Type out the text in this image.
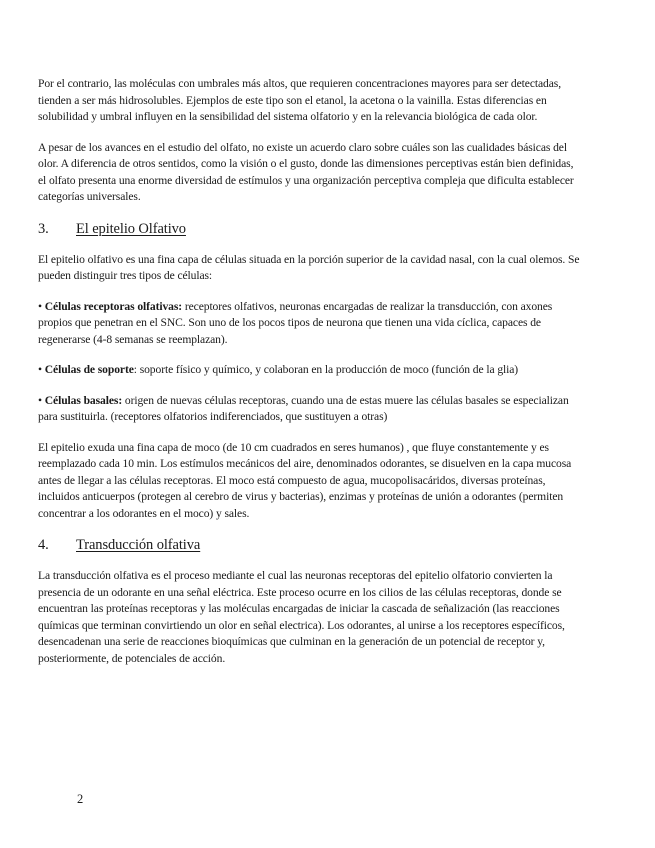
Por el contrario, las moléculas con umbrales más altos, que requieren concentraciones mayores para ser detectadas, tienden a ser más hidrosolubles. Ejemplos de este tipo son el etanol, la acetona o la vainilla. Estas diferencias en solubilidad y umbral influyen en la sensibilidad del sistema olfatorio y en la relevancia biológica de cada olor.

A pesar de los avances en el estudio del olfato, no existe un acuerdo claro sobre cuáles son las cualidades básicas del olor. A diferencia de otros sentidos, como la visión o el gusto, donde las dimensiones perceptivas están bien definidas, el olfato presenta una enorme diversidad de estímulos y una organización perceptiva compleja que dificulta establecer categorías universales.

3. El epitelio Olfativo

El epitelio olfativo es una fina capa de células situada en la porción superior de la cavidad nasal, con la cual olemos. Se pueden distinguir tres tipos de células:

• Células receptoras olfativas: receptores olfativos, neuronas encargadas de realizar la transducción, con axones propios que penetran en el SNC. Son uno de los pocos tipos de neurona que tienen una vida cíclica, capaces de regenerarse (4-8 semanas se reemplazan).

• Células de soporte: soporte físico y químico, y colaboran en la producción de moco (función de la glia)

• Células basales: origen de nuevas células receptoras, cuando una de estas muere las células basales se especializan para sustituirla. (receptores olfatorios indiferenciados, que sustituyen a otras)

El epitelio exuda una fina capa de moco (de 10 cm cuadrados en seres humanos) , que fluye constantemente y es reemplazado cada 10 min. Los estímulos mecánicos del aire, denominados odorantes, se disuelven en la capa mucosa antes de llegar a las células receptoras. El moco está compuesto de agua, mucopolisacáridos, diversas proteínas, incluidos anticuerpos (protegen al cerebro de virus y bacterias), enzimas y proteínas de unión a odorantes (permiten concentrar a los odorantes en el moco) y sales.

4. Transducción olfativa

La transducción olfativa es el proceso mediante el cual las neuronas receptoras del epitelio olfatorio convierten la presencia de un odorante en una señal eléctrica. Este proceso ocurre en los cilios de las células receptoras, donde se encuentran las proteínas receptoras y las moléculas encargadas de iniciar la cascada de señalización (las reacciones químicas que terminan convirtiendo un olor en señal electrica). Los odorantes, al unirse a los receptores específicos, desencadenan una serie de reacciones bioquímicas que culminan en la generación de un potencial de receptor y, posteriormente, de potenciales de acción.

2
